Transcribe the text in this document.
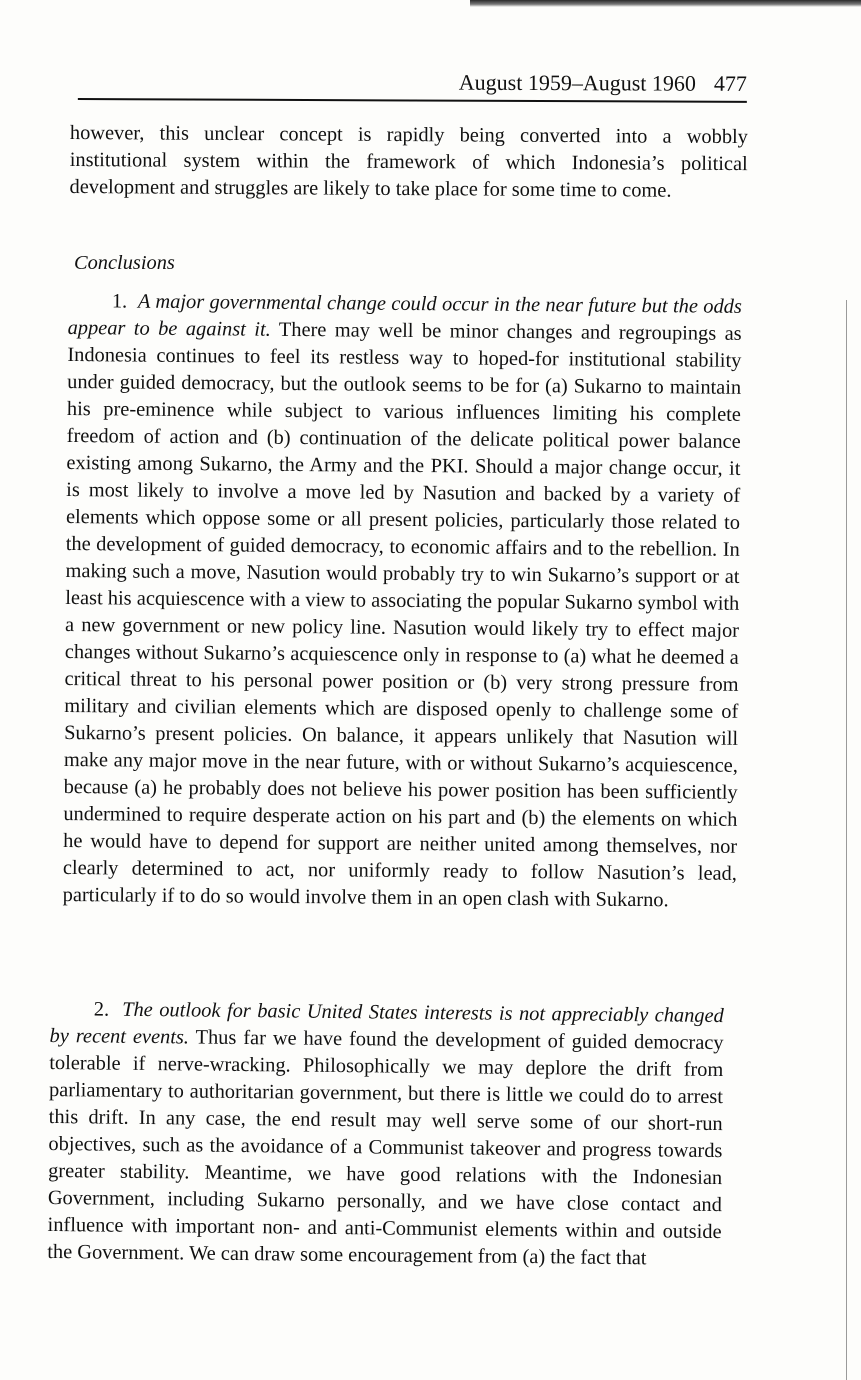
August 1959–August 1960 477

however, this unclear concept is rapidly being converted into a wobbly institutional system within the framework of which Indonesia’s political development and struggles are likely to take place for some time to come.

Conclusions

1. A major governmental change could occur in the near future but the odds appear to be against it. There may well be minor changes and regroupings as Indonesia continues to feel its restless way to hoped-for institutional stability under guided democracy, but the outlook seems to be for (a) Sukarno to maintain his pre-eminence while subject to various influences limiting his complete freedom of action and (b) continuation of the delicate political power balance existing among Sukarno, the Army and the PKI. Should a major change occur, it is most likely to involve a move led by Nasution and backed by a variety of elements which oppose some or all present policies, particularly those related to the development of guided democracy, to economic affairs and to the rebellion. In making such a move, Nasution would probably try to win Sukarno’s support or at least his acquiescence with a view to associating the popular Sukarno symbol with a new government or new policy line. Nasution would likely try to effect major changes without Sukarno’s acquiescence only in response to (a) what he deemed a critical threat to his personal power position or (b) very strong pressure from military and civilian elements which are disposed openly to challenge some of Sukarno’s present policies. On balance, it appears unlikely that Nasution will make any major move in the near future, with or without Sukarno’s acquiescence, because (a) he probably does not believe his power position has been sufficiently undermined to require desperate action on his part and (b) the elements on which he would have to depend for support are neither united among themselves, nor clearly determined to act, nor uniformly ready to follow Nasution’s lead, particularly if to do so would involve them in an open clash with Sukarno.

2. The outlook for basic United States interests is not appreciably changed by recent events. Thus far we have found the development of guided democracy tolerable if nerve-wracking. Philosophically we may deplore the drift from parliamentary to authoritarian government, but there is little we could do to arrest this drift. In any case, the end result may well serve some of our short-run objectives, such as the avoidance of a Communist takeover and progress towards greater stability. Meantime, we have good relations with the Indonesian Government, including Sukarno personally, and we have close contact and influence with important non- and anti-Communist elements within and outside the Government. We can draw some encouragement from (a) the fact that
